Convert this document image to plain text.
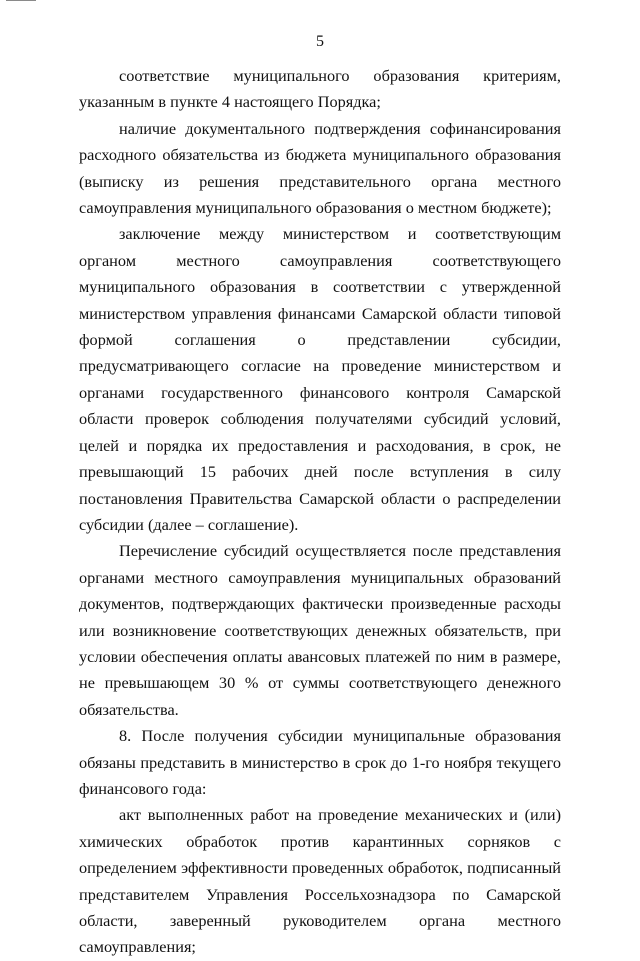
5

соответствие муниципального образования критериям, указанным в пункте 4 настоящего Порядка;

наличие документального подтверждения софинансирования расходного обязательства из бюджета муниципального образования (выписку из решения представительного органа местного самоуправления муниципального образования о местном бюджете);

заключение между министерством и соответствующим органом местного самоуправления соответствующего муниципального образования в соответствии с утвержденной министерством управления финансами Самарской области типовой формой соглашения о представлении субсидии, предусматривающего согласие на проведение министерством и органами государственного финансового контроля Самарской области проверок соблюдения получателями субсидий условий, целей и порядка их предоставления и расходования, в срок, не превышающий 15 рабочих дней после вступления в силу постановления Правительства Самарской области о распределении субсидии (далее – соглашение).

Перечисление субсидий осуществляется после представления органами местного самоуправления муниципальных образований документов, подтверждающих фактически произведенные расходы или возникновение соответствующих денежных обязательств, при условии обеспечения оплаты авансовых платежей по ним в размере, не превышающем 30 % от суммы соответствующего денежного обязательства.

8. После получения субсидии муниципальные образования обязаны представить в министерство в срок до 1-го ноября текущего финансового года:

акт выполненных работ на проведение механических и (или) химических обработок против карантинных сорняков с определением эффективности проведенных обработок, подписанный представителем Управления Россельхознадзора по Самарской области, заверенный руководителем органа местного самоуправления;
